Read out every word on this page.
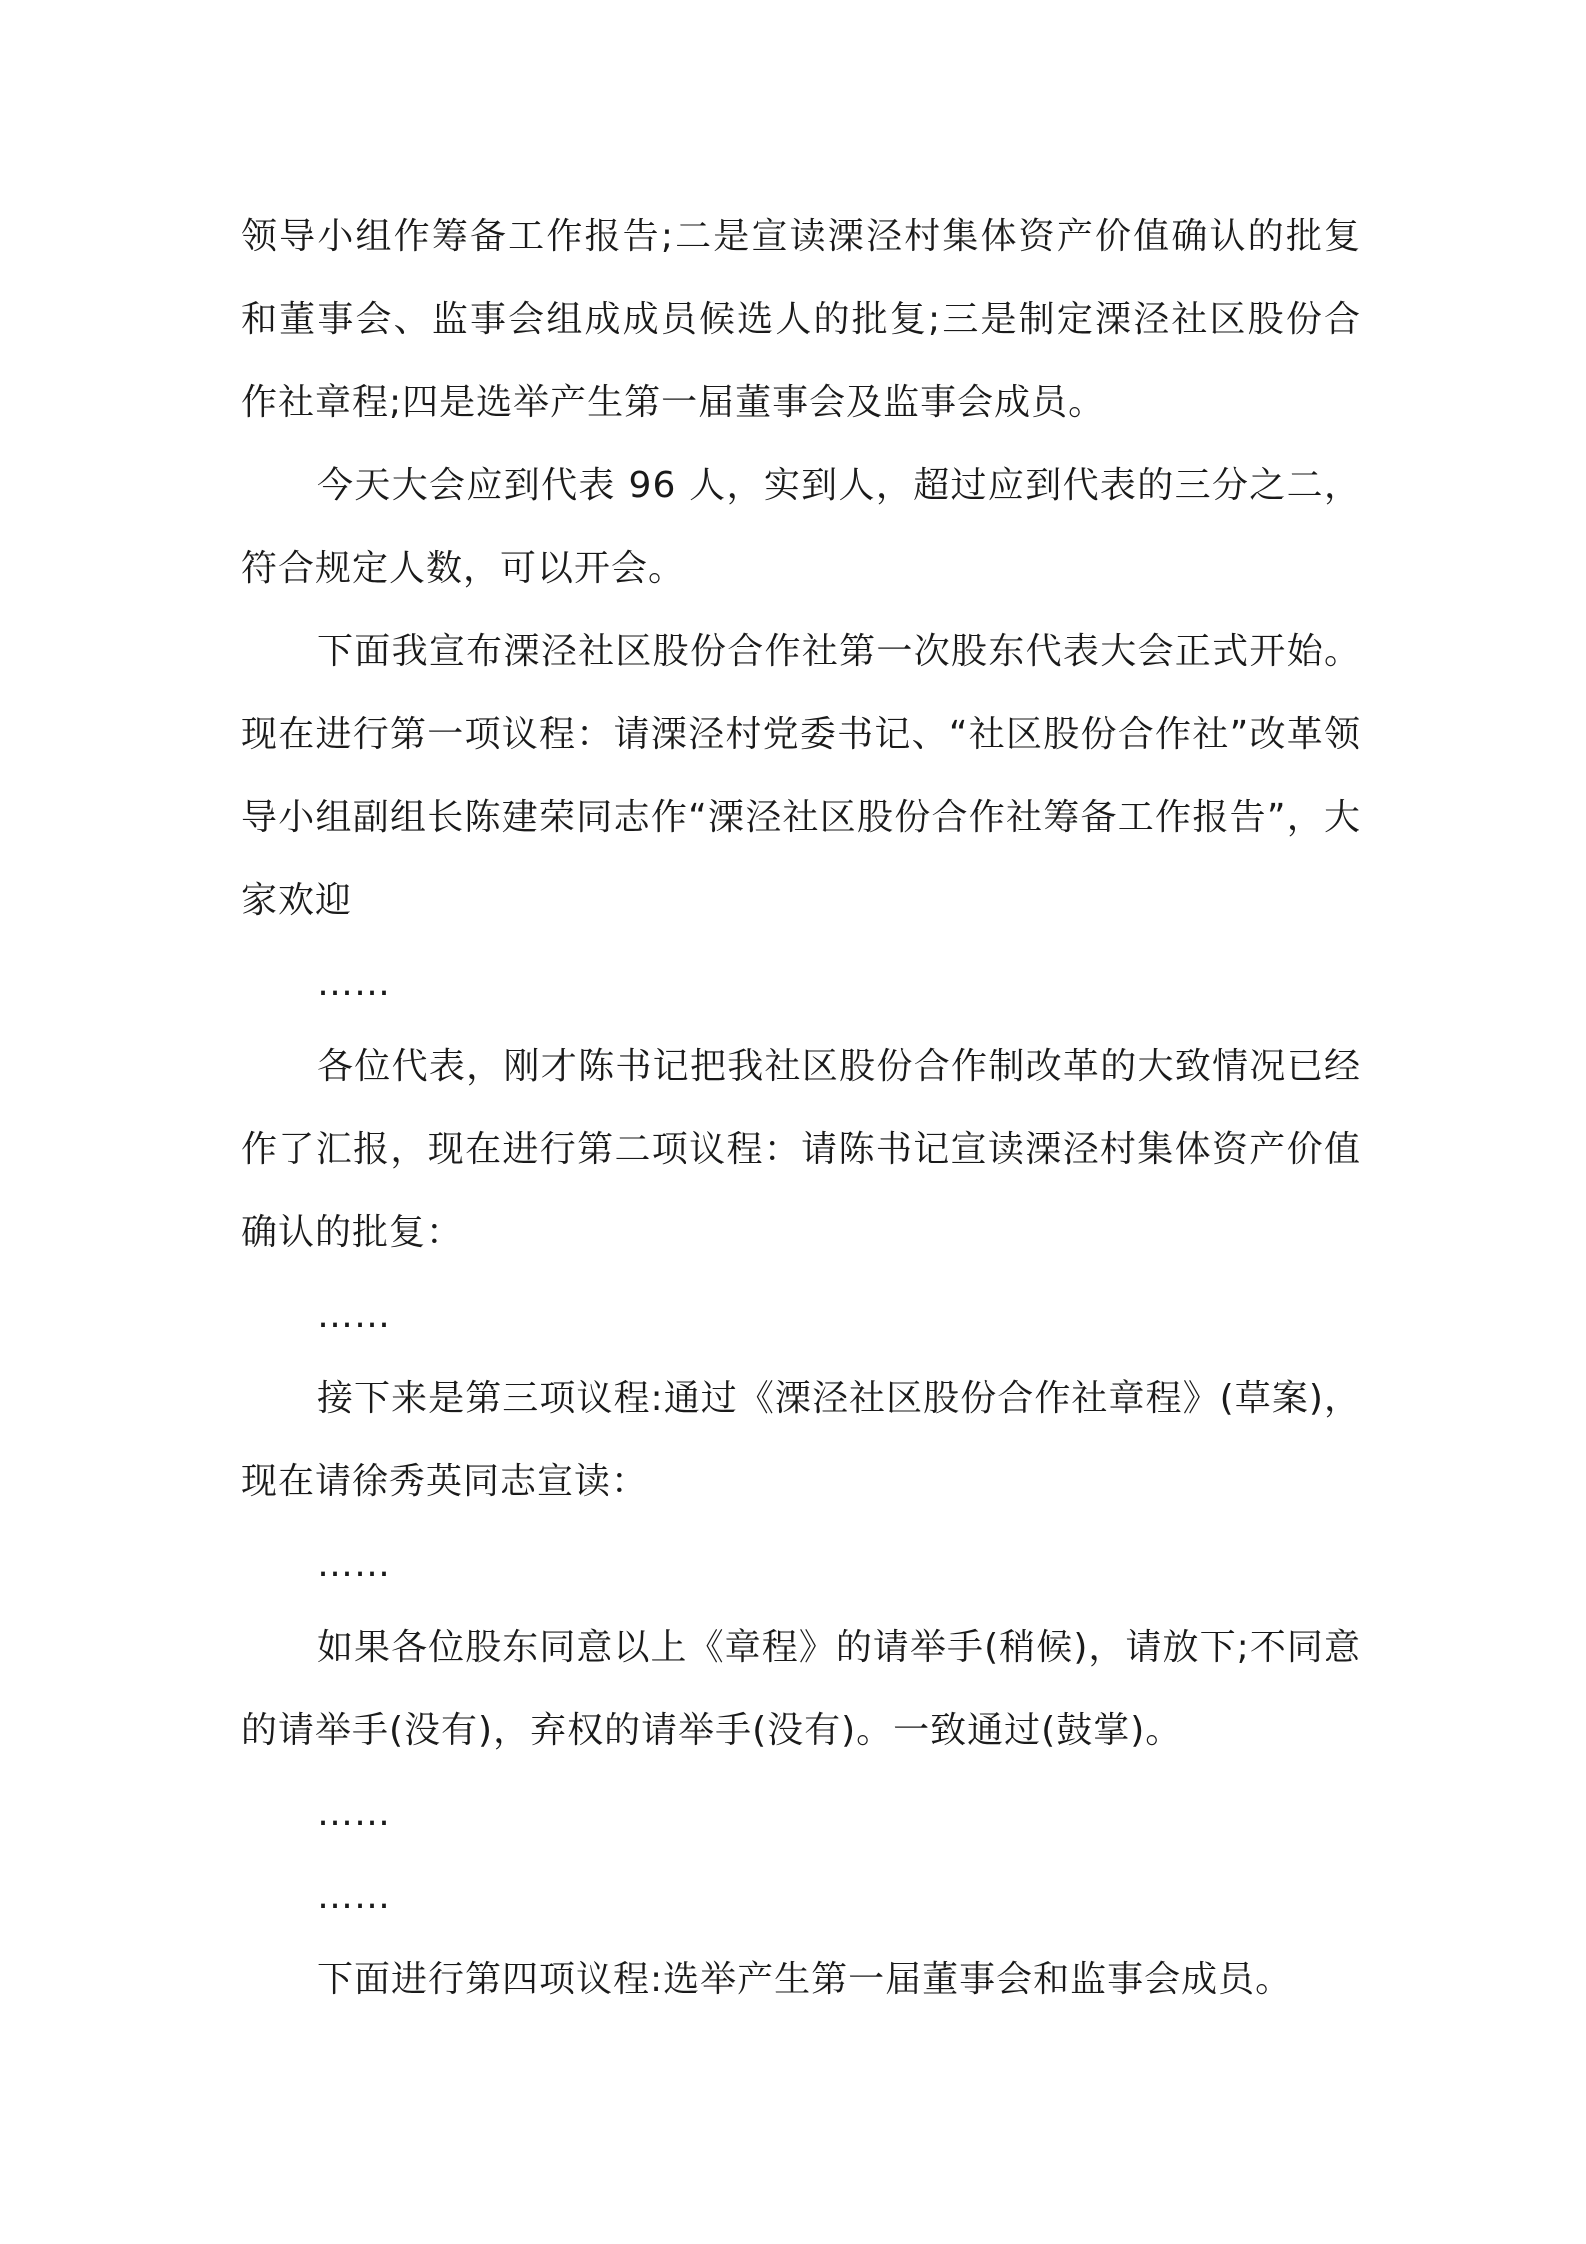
领导小组作筹备工作报告;二是宣读溧泾村集体资产价值确认的批复和董事会、监事会组成成员候选人的批复;三是制定溧泾社区股份合作社章程;四是选举产生第一届董事会及监事会成员。

今天大会应到代表 96 人，实到人，超过应到代表的三分之二，符合规定人数，可以开会。

下面我宣布溧泾社区股份合作社第一次股东代表大会正式开始。现在进行第一项议程：请溧泾村党委书记、“社区股份合作社”改革领导小组副组长陈建荣同志作“溧泾社区股份合作社筹备工作报告”，大家欢迎

……

各位代表，刚才陈书记把我社区股份合作制改革的大致情况已经作了汇报，现在进行第二项议程：请陈书记宣读溧泾村集体资产价值确认的批复：

……

接下来是第三项议程:通过《溧泾社区股份合作社章程》(草案)，现在请徐秀英同志宣读：

……

如果各位股东同意以上《章程》的请举手(稍候)，请放下;不同意的请举手(没有)，弃权的请举手(没有)。一致通过(鼓掌)。

……

……

下面进行第四项议程:选举产生第一届董事会和监事会成员。
